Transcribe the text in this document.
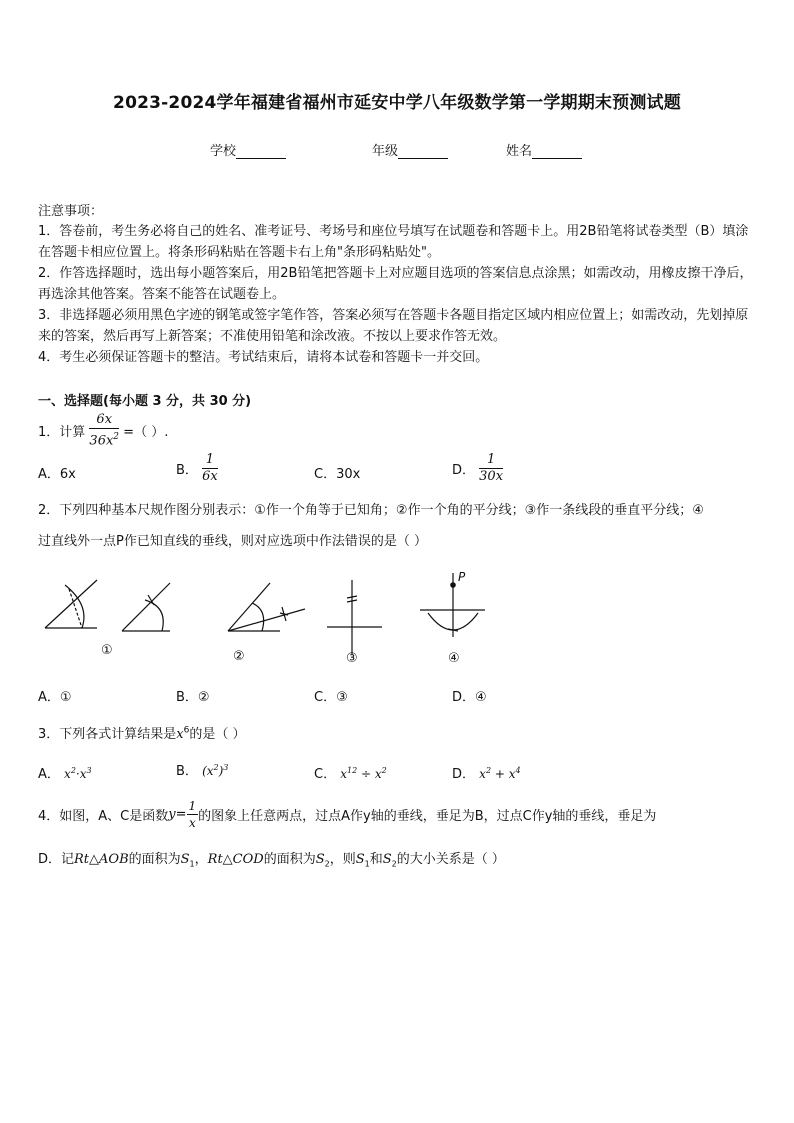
2023-2024学年福建省福州市延安中学八年级数学第一学期期末预测试题
学校	年级	姓名
注意事项：
1．答卷前，考生务必将自己的姓名、准考证号、考场号和座位号填写在试题卷和答题卡上。用2B铅笔将试卷类型（B）填涂在答题卡相应位置上。将条形码粘贴在答题卡右上角"条形码粘贴处"。
2．作答选择题时，选出每小题答案后，用2B铅笔把答题卡上对应题目选项的答案信息点涂黑；如需改动，用橡皮擦干净后，再选涂其他答案。答案不能答在试题卷上。
3．非选择题必须用黑色字迹的钢笔或签字笔作答，答案必须写在答题卡各题目指定区域内相应位置上；如需改动，先划掉原来的答案，然后再写上新答案；不准使用铅笔和涂改液。不按以上要求作答无效。
4．考生必须保证答题卡的整洁。考试结束后，请将本试卷和答题卡一并交回。
一、选择题(每小题 3 分，共 30 分)
1．计算 $\frac{6x}{36x^2}$ =（ ）.
A．6x	B． $\frac{1}{6x}$	C．30x	D． $\frac{1}{30x}$
2．下列四种基本尺规作图分别表示：①作一个角等于已知角；②作一个角的平分线；③作一条线段的垂直平分线；④
过直线外一点P作已知直线的垂线，则对应选项中作法错误的是（ ）
P
①	②	③	④
A．①	B．②	C．③	D．④
3．下列各式计算结果是$x^6$的是（ ）
A． $x^2\cdot x^3$	B． $(x^2)^3$	C． $x^{12} \div x^2$	D． $x^2 + x^4$
4．如图，A、C是函数$y= \frac{1}{x}$ 的图象上任意两点，过点A作y轴的垂线，垂足为B，过点C作y轴的垂线，垂足为
D．记Rt△AOB的面积为$S_1$，Rt△COD的面积为$S_2$，则$S_1$和$S_2$的大小关系是（ ）
